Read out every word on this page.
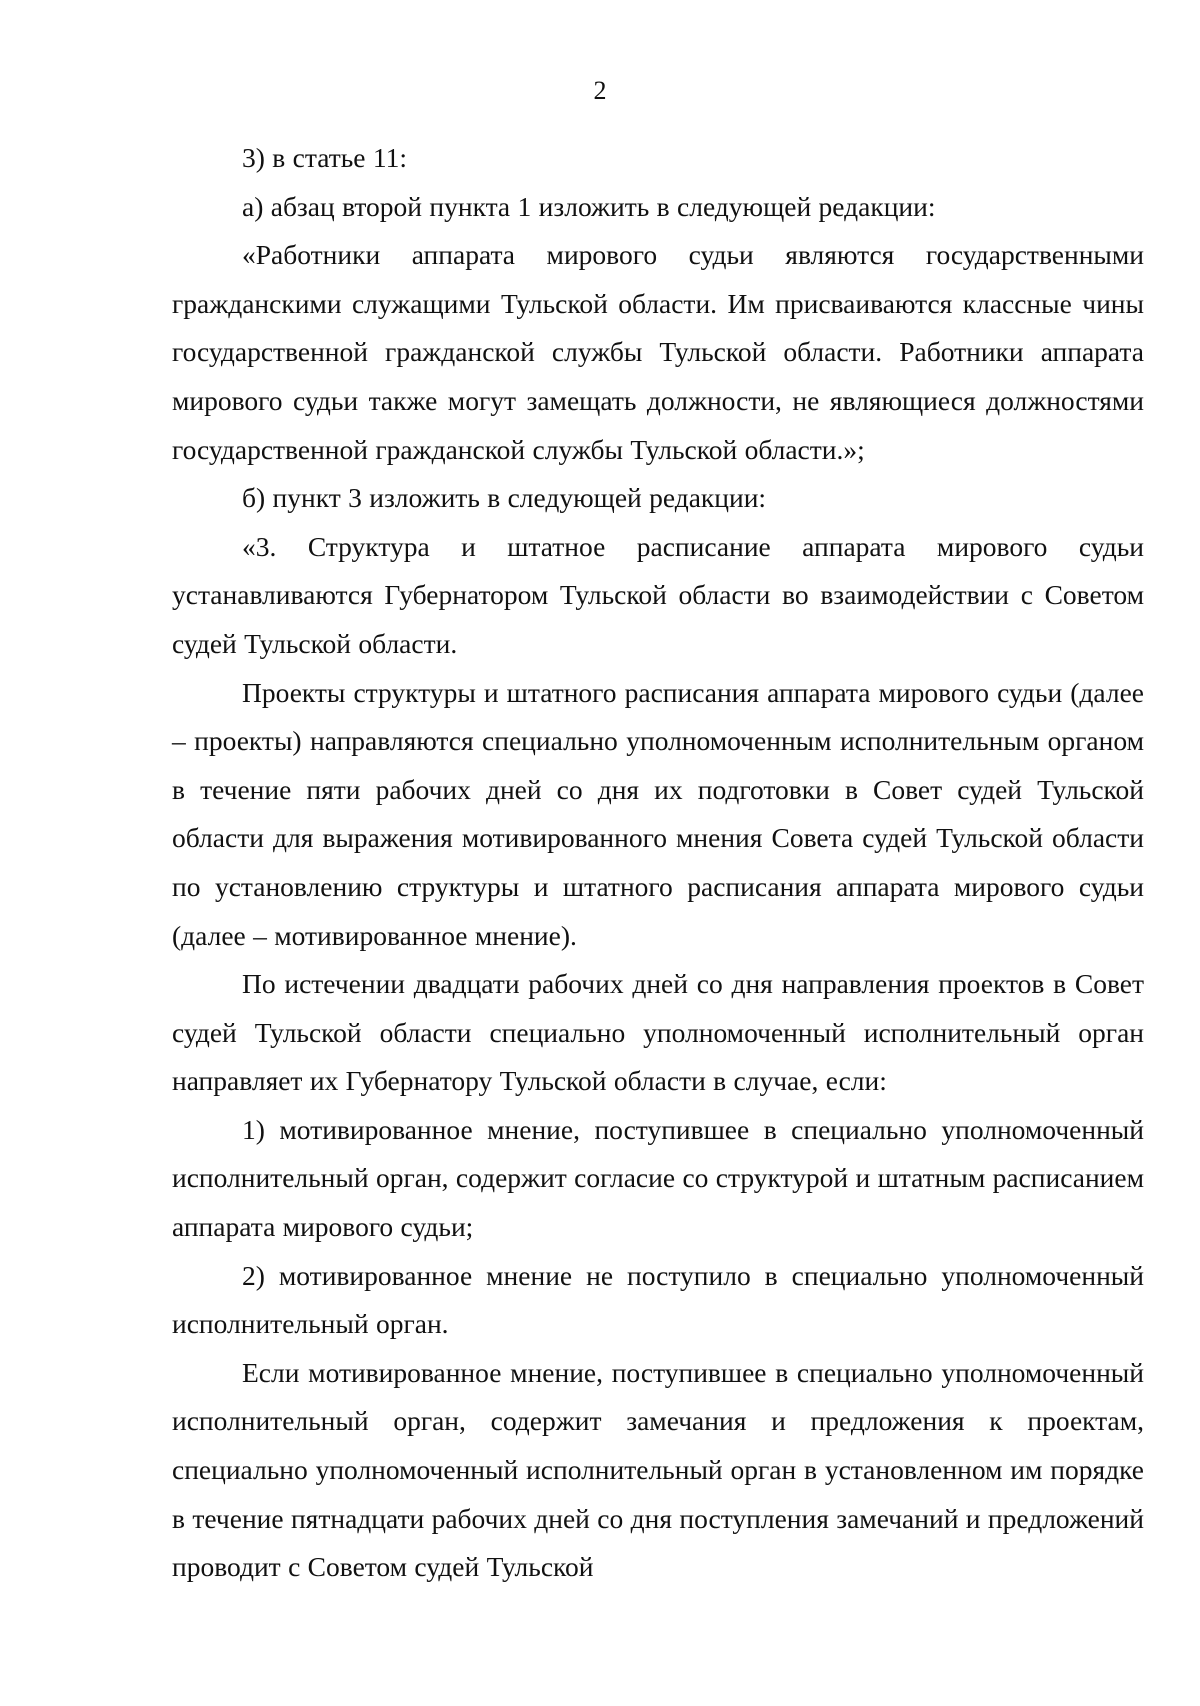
2

3) в статье 11:

а) абзац второй пункта 1 изложить в следующей редакции:

«Работники аппарата мирового судьи являются государственными гражданскими служащими Тульской области. Им присваиваются классные чины государственной гражданской службы Тульской области. Работники аппарата мирового судьи также могут замещать должности, не являющиеся должностями государственной гражданской службы Тульской области.»;

б) пункт 3 изложить в следующей редакции:

«3. Структура и штатное расписание аппарата мирового судьи устанавливаются Губернатором Тульской области во взаимодействии с Советом судей Тульской области.

Проекты структуры и штатного расписания аппарата мирового судьи (далее – проекты) направляются специально уполномоченным исполнительным органом в течение пяти рабочих дней со дня их подготовки в Совет судей Тульской области для выражения мотивированного мнения Совета судей Тульской области по установлению структуры и штатного расписания аппарата мирового судьи (далее – мотивированное мнение).

По истечении двадцати рабочих дней со дня направления проектов в Совет судей Тульской области специально уполномоченный исполнительный орган направляет их Губернатору Тульской области в случае, если:

1) мотивированное мнение, поступившее в специально уполномоченный исполнительный орган, содержит согласие со структурой и штатным расписанием аппарата мирового судьи;

2) мотивированное мнение не поступило в специально уполномоченный исполнительный орган.

Если мотивированное мнение, поступившее в специально уполномоченный исполнительный орган, содержит замечания и предложения к проектам, специально уполномоченный исполнительный орган в установленном им порядке в течение пятнадцати рабочих дней со дня поступления замечаний и предложений проводит с Советом судей Тульской
